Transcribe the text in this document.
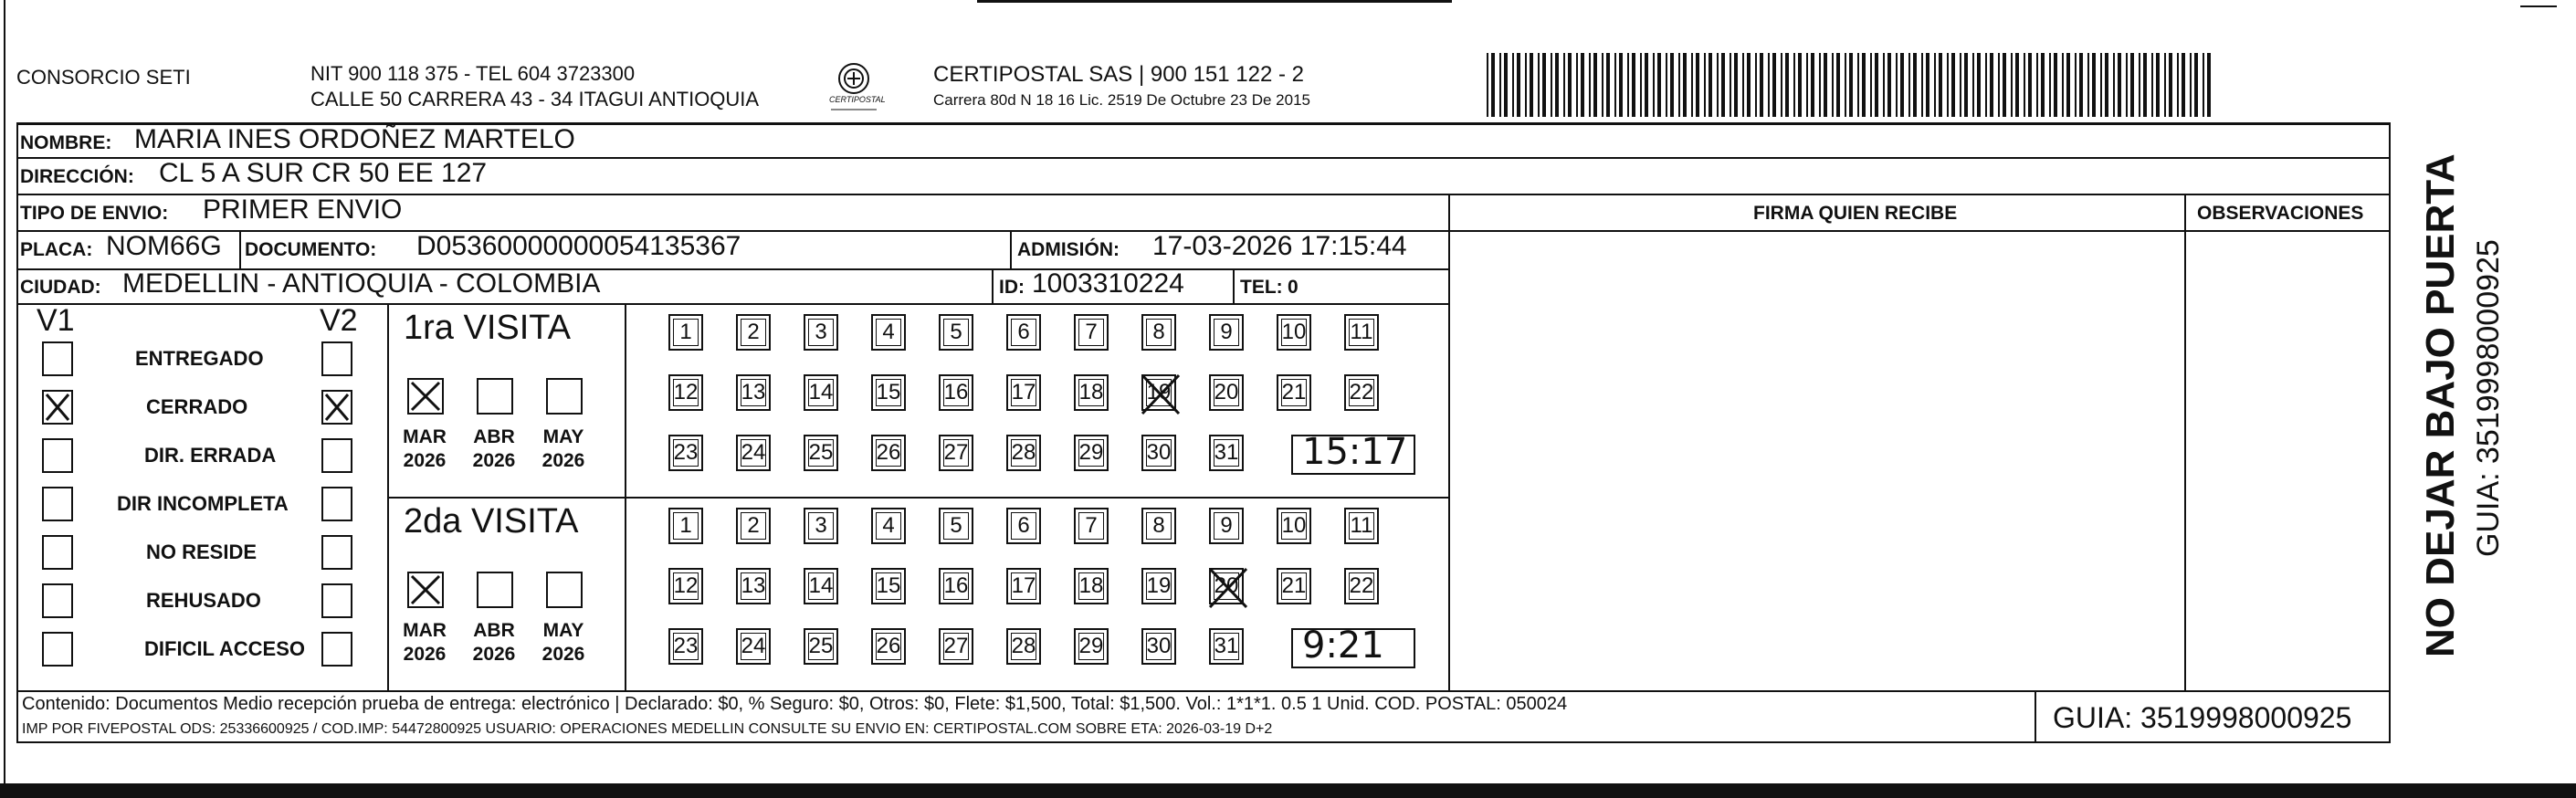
CONSORCIO SETI	NIT 900 118 375 - TEL 604 3723300
CALLE 50 CARRERA 43 - 34 ITAGUI ANTIOQUIA	CERTIPOSTAL
CERTIPOSTAL SAS | 900 151 122 - 2
Carrera 80d N 18 16 Lic. 2519 De Octubre 23 De 2015
NOMBRE: MARIA INES ORDOÑEZ MARTELO
DIRECCIÓN: CL 5 A SUR CR 50 EE 127
TIPO DE ENVIO: PRIMER ENVIO	FIRMA QUIEN RECIBE	OBSERVACIONES
PLACA: NOM66G DOCUMENTO: D05360000000054135367	ADMISIÓN: 17-03-2026 17:15:44
CIUDAD: MEDELLIN - ANTIOQUIA - COLOMBIA	ID: 1003310224	TEL: 0
V1	V2
ENTREGADO
CERRADO
DIR. ERRADA
DIR INCOMPLETA
NO RESIDE
REHUSADO
DIFICIL ACCESO
1ra VISITA
MAR
2026
ABR
2026
MAY
2026
1	2	3	4	5	6	7	8	9	10 11
12 13 14 15 16 17 18 19 20 21 22
23 24 25 26 27 28 29 30 31 15:17
2da VISITA
MAR
2026
ABR
2026
MAY
2026
1	2	3	4	5	6	7	8	9	10 11
12 13 14 15 16 17 18 19 20 21 22
23 24 25 26 27 28 29 30 31 9:21
Contenido: Documentos Medio recepción prueba de entrega: electrónico | Declarado: $0, % Seguro: $0, Otros: $0, Flete: $1,500, Total: $1,500. Vol.: 1*1*1. 0.5 1 Unid. COD. POSTAL: 050024
IMP POR FIVEPOSTAL ODS: 25336600925 / COD.IMP: 54472800925 USUARIO: OPERACIONES MEDELLIN CONSULTE SU ENVIO EN: CERTIPOSTAL.COM SOBRE ETA: 2026-03-19 D+2	GUIA: 3519998000925
NO DEJAR BAJO PUERTA GUIA: 3519998000925
